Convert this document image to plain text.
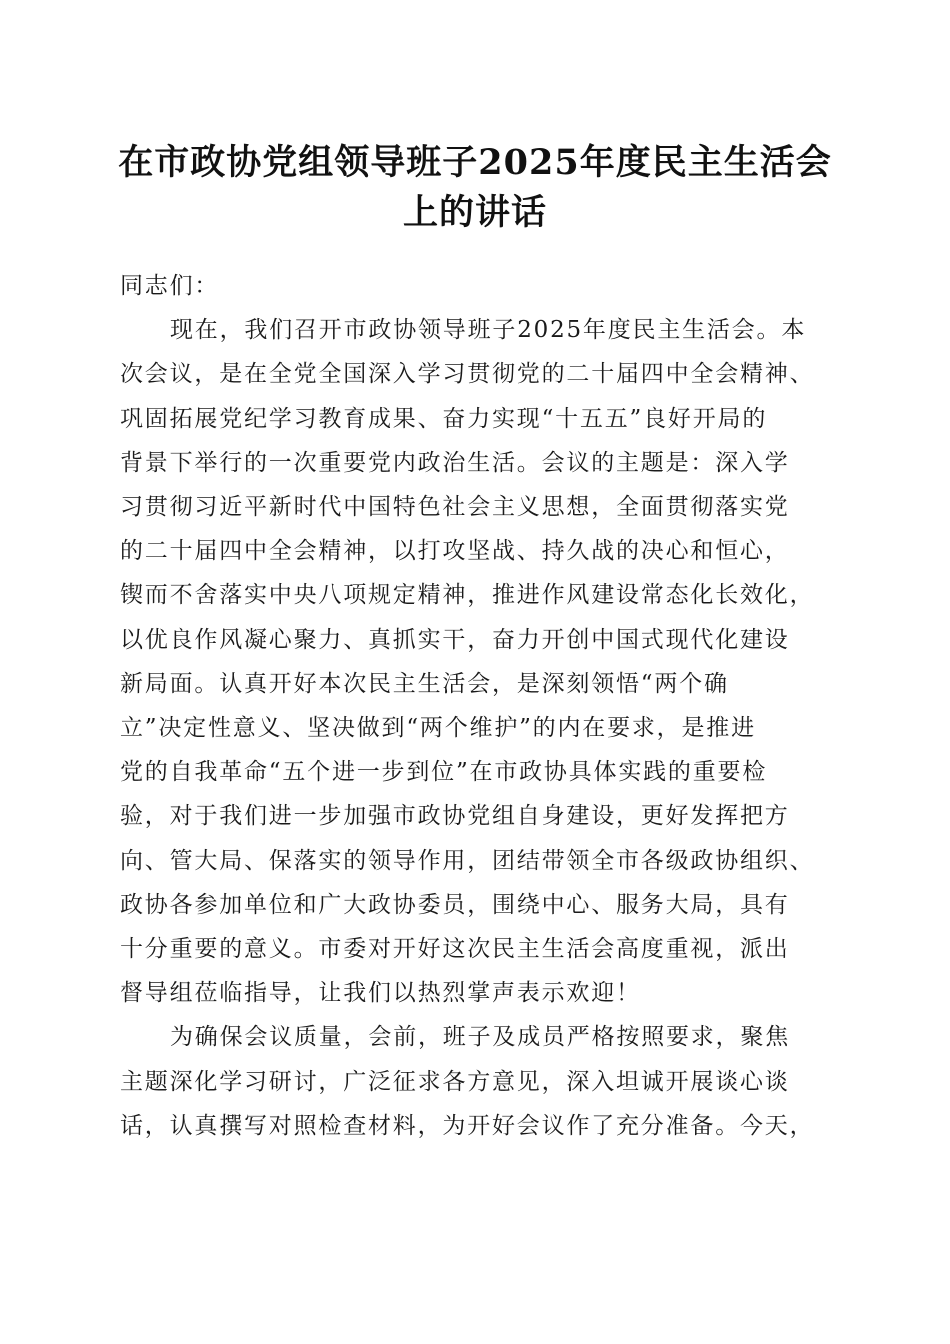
在市政协党组领导班子2025年度民主生活会
上的讲话

同志们：

现在，我们召开市政协领导班子2025年度民主生活会。本
次会议，是在全党全国深入学习贯彻党的二十届四中全会精神、
巩固拓展党纪学习教育成果、奋力实现“十五五”良好开局的
背景下举行的一次重要党内政治生活。会议的主题是：深入学
习贯彻习近平新时代中国特色社会主义思想，全面贯彻落实党
的二十届四中全会精神，以打攻坚战、持久战的决心和恒心，
锲而不舍落实中央八项规定精神，推进作风建设常态化长效化，
以优良作风凝心聚力、真抓实干，奋力开创中国式现代化建设
新局面。认真开好本次民主生活会，是深刻领悟“两个确
立”决定性意义、坚决做到“两个维护”的内在要求，是推进
党的自我革命“五个进一步到位”在市政协具体实践的重要检
验，对于我们进一步加强市政协党组自身建设，更好发挥把方
向、管大局、保落实的领导作用，团结带领全市各级政协组织、
政协各参加单位和广大政协委员，围绕中心、服务大局，具有
十分重要的意义。市委对开好这次民主生活会高度重视，派出
督导组莅临指导，让我们以热烈掌声表示欢迎！

为确保会议质量，会前，班子及成员严格按照要求，聚焦
主题深化学习研讨，广泛征求各方意见，深入坦诚开展谈心谈
话，认真撰写对照检查材料，为开好会议作了充分准备。今天，
